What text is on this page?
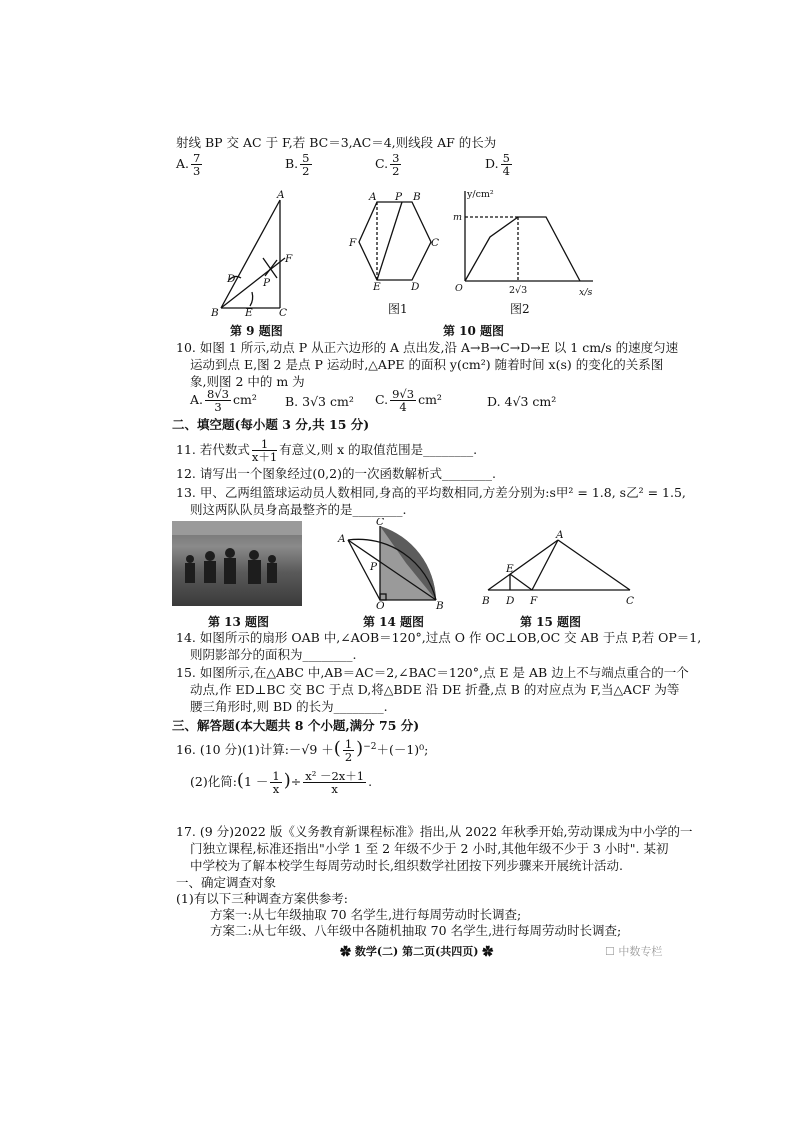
射线 BP 交 AC 于 F,若 BC＝3,AC＝4,则线段 AF 的长为
A. $\frac{7}{3}$	B. $\frac{5}{2}$	C. $\frac{3}{2}$	D. $\frac{5}{4}$
A
B	C
D
E
F
P
第 9 题图
A P B
C
D
E
F
图1
y/cm²
m
O	2√3	x/s
图2
第 10 题图
10. 如图 1 所示,动点 P 从正六边形的 A 点出发,沿 A→B→C→D→E 以 1 cm/s 的速度匀速
运动到点 E,图 2 是点 P 运动时,△APE 的面积 y(cm²) 随着时间 x(s) 的变化的关系图
象,则图 2 中的 m 为
A. $\frac{8√3}{3} cm^2$ B. 3√3 cm² C. $\frac{9√3}{4} cm^2$	D. 4√3 cm²
二、填空题(每小题 3 分,共 15 分)
11. 若代数式 $\frac{1}{x+1}$ 有意义,则 x 的取值范围是________.
12. 请写出一个图象经过(0,2)的一次函数解析式________.
13. 甲、乙两组篮球运动员人数相同,身高的平均数相同,方差分别为:s甲² = 1.8, s乙² = 1.5,
则这两队队员身高最整齐的是________.
第 13 题图
A
C
P
O	B
第 14 题图
A
E
B D F	C
第 15 题图
14. 如图所示的扇形 OAB 中,∠AOB＝120°,过点 O 作 OC⊥OB,OC 交 AB 于点 P,若 OP＝1,
则阴影部分的面积为________.
15. 如图所示,在△ABC 中,AB＝AC＝2,∠BAC＝120°,点 E 是 AB 边上不与端点重合的一个
动点,作 ED⊥BC 交 BC 于点 D,将△BDE 沿 DE 折叠,点 B 的对应点为 F,当△ACF 为等
腰三角形时,则 BD 的长为________.
三、解答题(本大题共 8 个小题,满分 75 分)
16. (10 分)(1)计算:－√9 ＋( $\frac{1}{2} )^{-2}+(-1)^0$;
(2)化简:(1 － $\frac{1}{x}$ )÷ $\frac{\text{x² －2x＋1}}{x}$ .
17. (9 分)2022 版《义务教育新课程标准》指出,从 2022 年秋季开始,劳动课成为中小学的一
门独立课程,标准还指出"小学 1 至 2 年级不少于 2 小时,其他年级不少于 3 小时". 某初
中学校为了解本校学生每周劳动时长,组织数学社团按下列步骤来开展统计活动.
一、确定调查对象
(1)有以下三种调查方案供参考:
方案一:从七年级抽取 70 名学生,进行每周劳动时长调查;
方案二:从七年级、八年级中各随机抽取 70 名学生,进行每周劳动时长调查;
✿ 数学(二) 第二页(共四页) ✿	☐ 中数专栏
